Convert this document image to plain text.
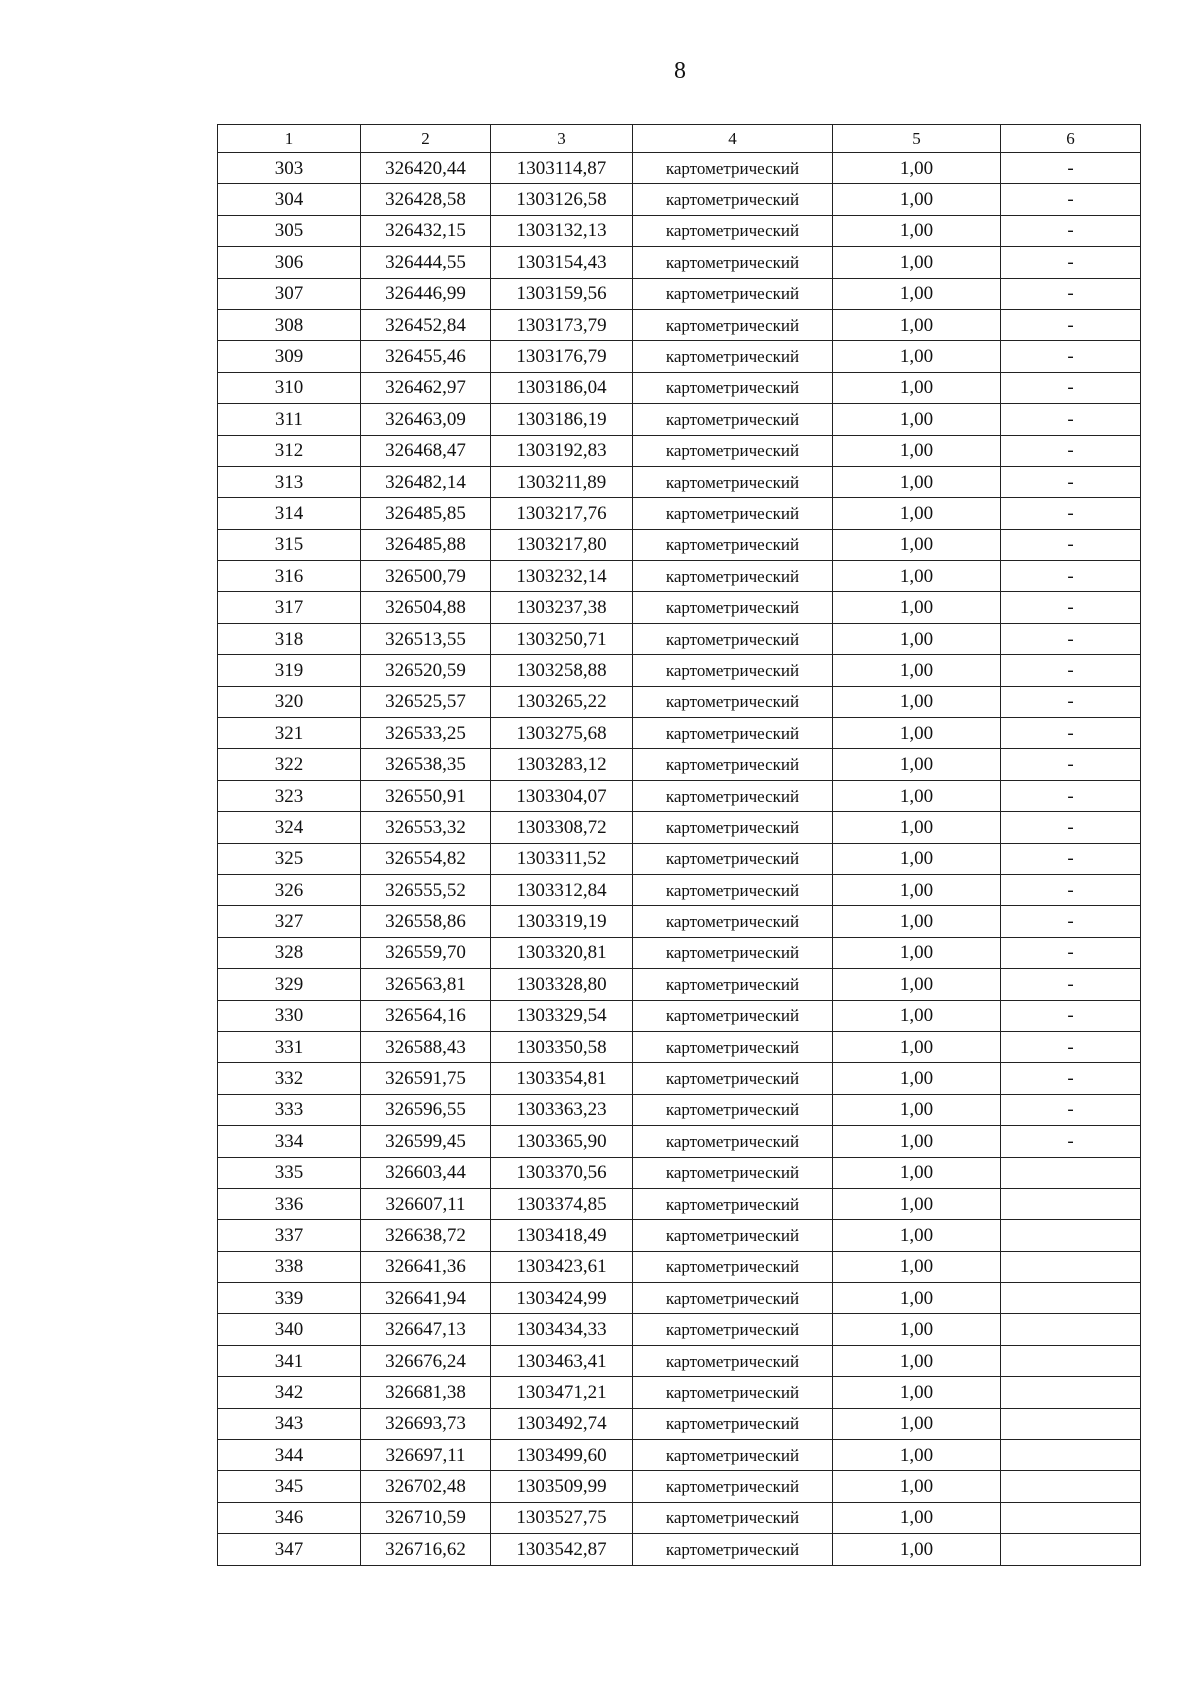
8
1	2	3	4	5	6
303	326420,44	1303114,87	картометрический	1,00	-
304	326428,58	1303126,58	картометрический	1,00	-
305	326432,15	1303132,13	картометрический	1,00	-
306	326444,55	1303154,43	картометрический	1,00	-
307	326446,99	1303159,56	картометрический	1,00	-
308	326452,84	1303173,79	картометрический	1,00	-
309	326455,46	1303176,79	картометрический	1,00	-
310	326462,97	1303186,04	картометрический	1,00	-
311	326463,09	1303186,19	картометрический	1,00	-
312	326468,47	1303192,83	картометрический	1,00	-
313	326482,14	1303211,89	картометрический	1,00	-
314	326485,85	1303217,76	картометрический	1,00	-
315	326485,88	1303217,80	картометрический	1,00	-
316	326500,79	1303232,14	картометрический	1,00	-
317	326504,88	1303237,38	картометрический	1,00	-
318	326513,55	1303250,71	картометрический	1,00	-
319	326520,59	1303258,88	картометрический	1,00	-
320	326525,57	1303265,22	картометрический	1,00	-
321	326533,25	1303275,68	картометрический	1,00	-
322	326538,35	1303283,12	картометрический	1,00	-
323	326550,91	1303304,07	картометрический	1,00	-
324	326553,32	1303308,72	картометрический	1,00	-
325	326554,82	1303311,52	картометрический	1,00	-
326	326555,52	1303312,84	картометрический	1,00	-
327	326558,86	1303319,19	картометрический	1,00	-
328	326559,70	1303320,81	картометрический	1,00	-
329	326563,81	1303328,80	картометрический	1,00	-
330	326564,16	1303329,54	картометрический	1,00	-
331	326588,43	1303350,58	картометрический	1,00	-
332	326591,75	1303354,81	картометрический	1,00	-
333	326596,55	1303363,23	картометрический	1,00	-
334	326599,45	1303365,90	картометрический	1,00	-
335	326603,44	1303370,56	картометрический	1,00	
336	326607,11	1303374,85	картометрический	1,00	
337	326638,72	1303418,49	картометрический	1,00	
338	326641,36	1303423,61	картометрический	1,00	
339	326641,94	1303424,99	картометрический	1,00	
340	326647,13	1303434,33	картометрический	1,00	
341	326676,24	1303463,41	картометрический	1,00	
342	326681,38	1303471,21	картометрический	1,00	
343	326693,73	1303492,74	картометрический	1,00	
344	326697,11	1303499,60	картометрический	1,00	
345	326702,48	1303509,99	картометрический	1,00	
346	326710,59	1303527,75	картометрический	1,00	
347	326716,62	1303542,87	картометрический	1,00	
